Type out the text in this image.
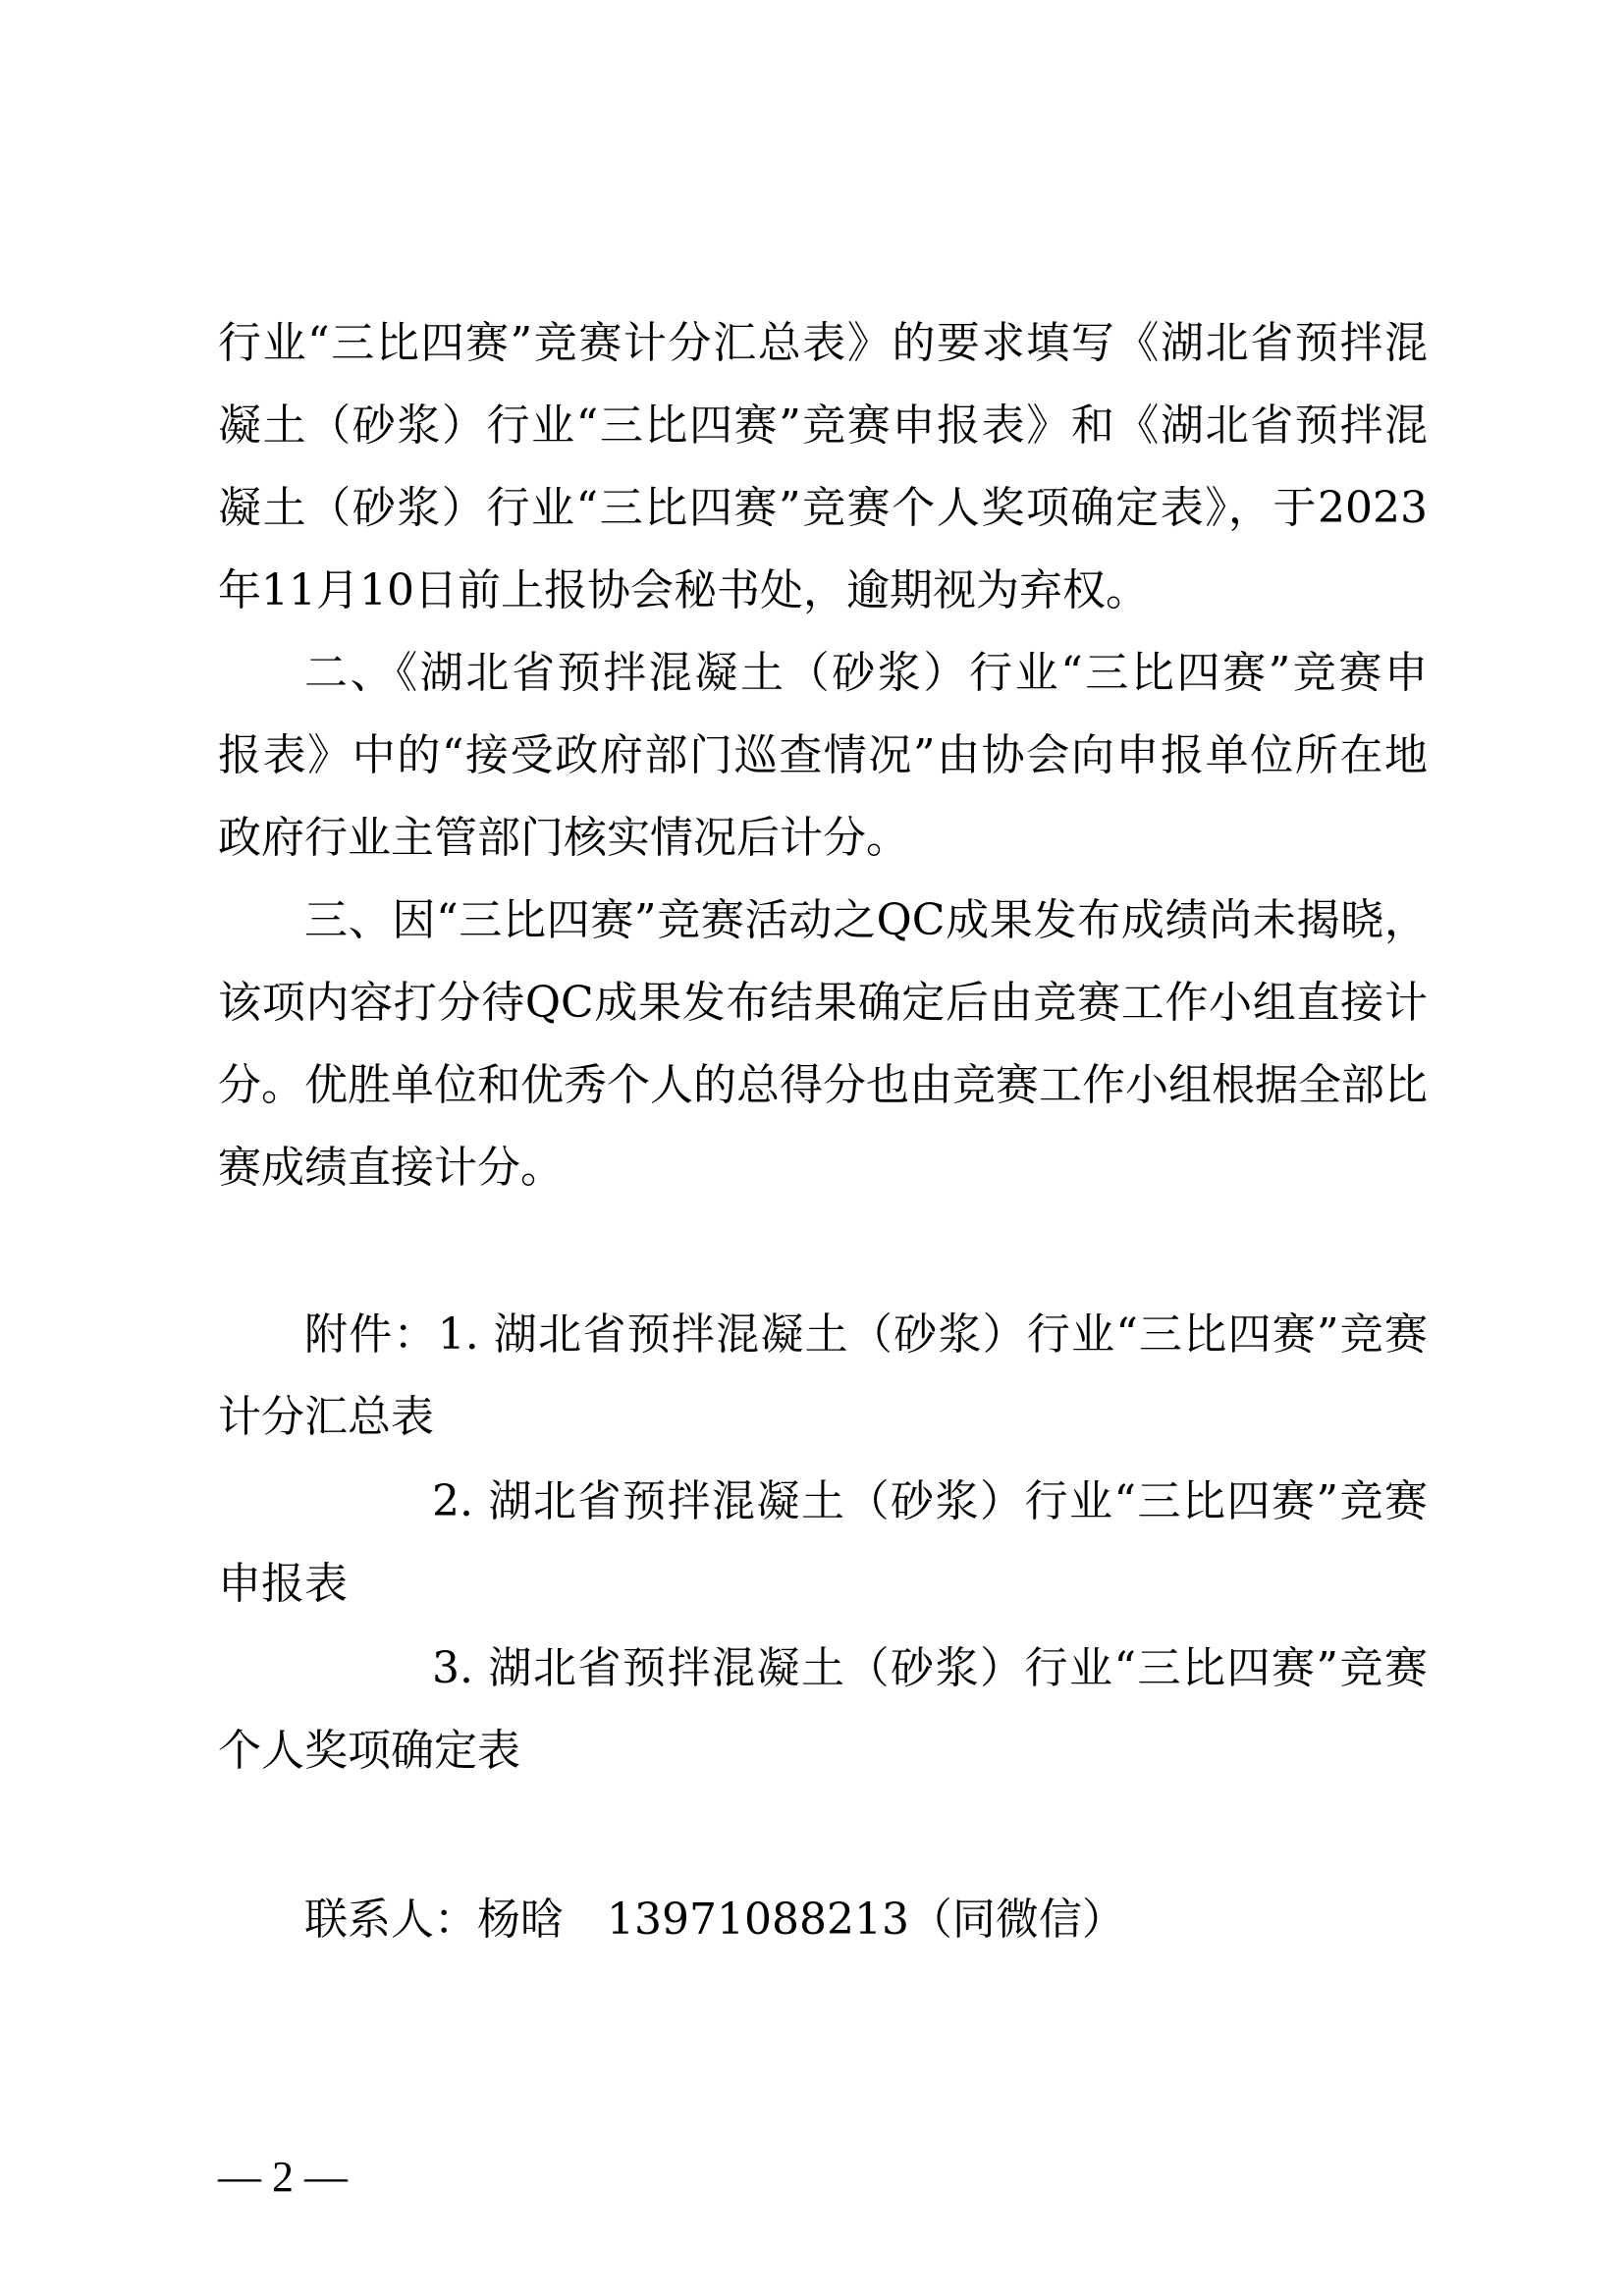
行业“三比四赛”竞赛计分汇总表》的要求填写《湖北省预拌混
凝土（砂浆）行业“三比四赛”竞赛申报表》和《湖北省预拌混
凝土（砂浆）行业“三比四赛”竞赛个人奖项确定表》，于2023
年11月10日前上报协会秘书处，逾期视为弃权。
二、《湖北省预拌混凝土（砂浆）行业“三比四赛”竞赛申
报表》中的“接受政府部门巡查情况”由协会向申报单位所在地
政府行业主管部门核实情况后计分。
三、因“三比四赛”竞赛活动之QC成果发布成绩尚未揭晓，
该项内容打分待QC成果发布结果确定后由竞赛工作小组直接计
分。优胜单位和优秀个人的总得分也由竞赛工作小组根据全部比
赛成绩直接计分。
附件：1. 湖北省预拌混凝土（砂浆）行业“三比四赛”竞赛
计分汇总表
2. 湖北省预拌混凝土（砂浆）行业“三比四赛”竞赛
申报表
3. 湖北省预拌混凝土（砂浆）行业“三比四赛”竞赛
个人奖项确定表
联系人：杨晗　13971088213（同微信）
— 2 —
